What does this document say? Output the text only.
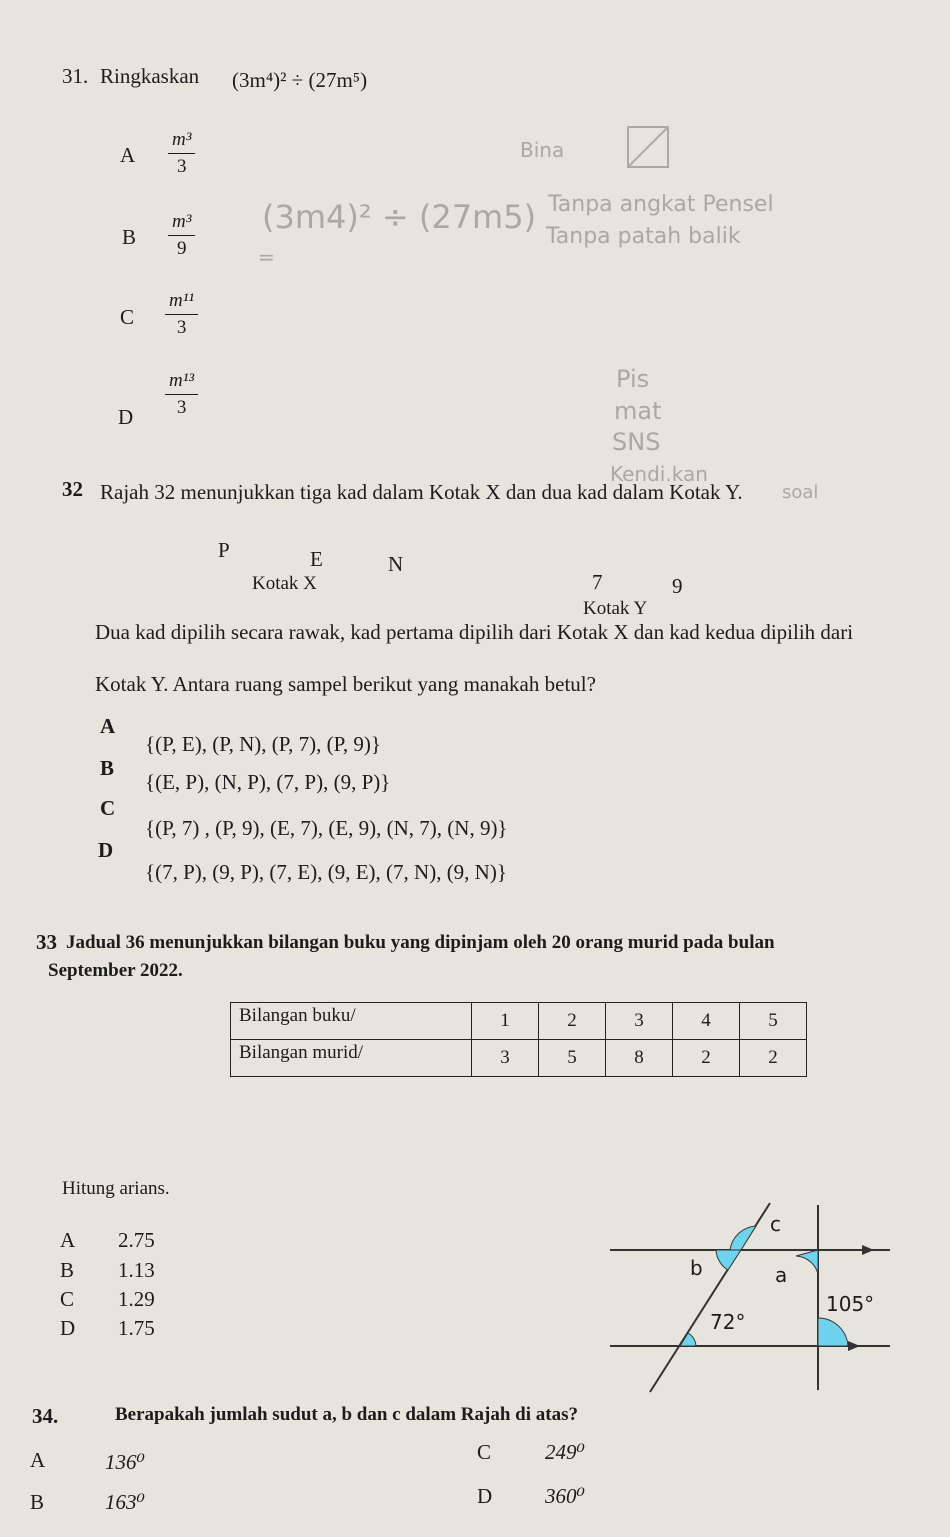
31. Ringkaskan (3m⁴)² ÷ (27m⁵)
A
m³
3
B
m³
9
C
m¹¹
3
D
m¹³
3
Bina
Tanpa angkat Pensel
Tanpa patah balik
(3m4)² ÷ (27m5)
=
Pis
mat
SNS
Kendi.kan
soal
32 Rajah 32 menunjukkan tiga kad dalam Kotak X dan dua kad dalam Kotak Y.
P	E	N
Kotak X	7	9
Kotak Y
Dua kad dipilih secara rawak, kad pertama dipilih dari Kotak X dan kad kedua dipilih dari
Kotak Y. Antara ruang sampel berikut yang manakah betul?
A
{(P, E), (P, N), (P, 7), (P, 9)}
B
{(E, P), (N, P), (7, P), (9, P)}
C
{(P, 7) , (P, 9), (E, 7), (E, 9), (N, 7), (N, 9)}
D
{(7, P), (9, P), (7, E), (9, E), (7, N), (9, N)}
33 Jadual 36 menunjukkan bilangan buku yang dipinjam oleh 20 orang murid pada bulan
September 2022.
Bilangan buku/	1	2	3	4	5
Bilangan murid/	3	5	8	2	2
Hitung arians.
A 2.75
B 1.13
C 1.29
D 1.75
c
b	a
72°
105°
34.	Berapakah jumlah sudut a, b dan c dalam Rajah di atas?
A	136⁰
B	163⁰
C	249⁰
D	360⁰
